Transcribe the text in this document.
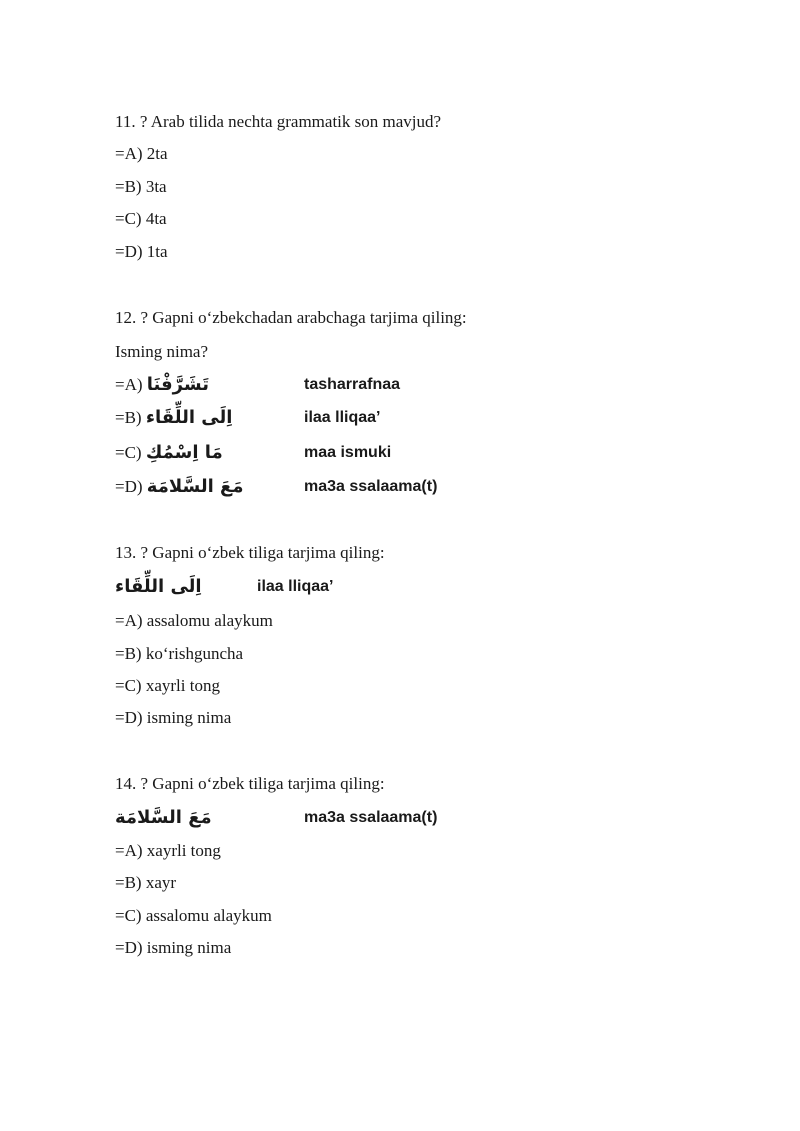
11. ? Arab tilida nechta grammatik son mavjud?
=A) 2ta
=B) 3ta
=C) 4ta
=D) 1ta
12. ? Gapni o‘zbekchadan arabchaga tarjima qiling:
Isming nima?
=A) تَشَرَّفْنَا	tasharrafnaa
=B) اِلَى اللِّقَاء	ilaa lliqaa’
=C) مَا اِسْمُكِ	maa ismuki
=D) مَعَ السَّلامَة	ma3a ssalaama(t)
13. ? Gapni o‘zbek tiliga tarjima qiling:
اِلَى اللِّقَاء	ilaa lliqaa’
=A) assalomu alaykum
=B) ko‘rishguncha
=C) xayrli tong
=D) isming nima
14. ? Gapni o‘zbek tiliga tarjima qiling:
مَعَ السَّلامَة	ma3a ssalaama(t)
=A) xayrli tong
=B) xayr
=C) assalomu alaykum
=D) isming nima
